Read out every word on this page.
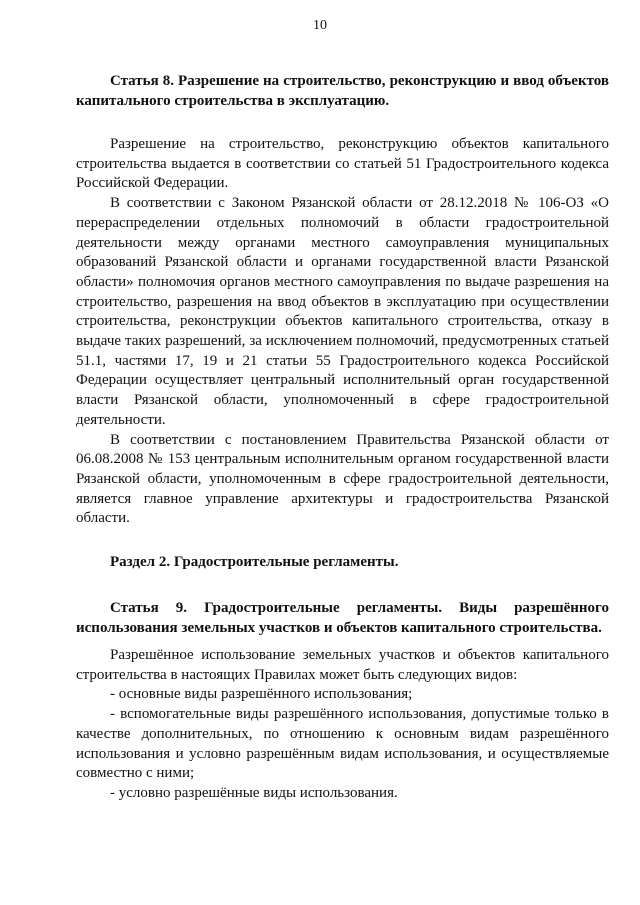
10

Статья 8. Разрешение на строительство, реконструкцию и ввод объектов капитального строительства в эксплуатацию.

Разрешение на строительство, реконструкцию объектов капитального строительства выдается в соответствии со статьей 51 Градостроительного кодекса Российской Федерации.

В соответствии с Законом Рязанской области от 28.12.2018 № 106-ОЗ «О перераспределении отдельных полномочий в области градостроительной деятельности между органами местного самоуправления муниципальных образований Рязанской области и органами государственной власти Рязанской области» полномочия органов местного самоуправления по выдаче разрешения на строительство, разрешения на ввод объектов в эксплуатацию при осуществлении строительства, реконструкции объектов капитального строительства, отказу в выдаче таких разрешений, за исключением полномочий, предусмотренных статьей 51.1, частями 17, 19 и 21 статьи 55 Градостроительного кодекса Российской Федерации осуществляет центральный исполнительный орган государственной власти Рязанской области, уполномоченный в сфере градостроительной деятельности.

В соответствии с постановлением Правительства Рязанской области от 06.08.2008 № 153 центральным исполнительным органом государственной власти Рязанской области, уполномоченным в сфере градостроительной деятельности, является главное управление архитектуры и градостроительства Рязанской области.

Раздел 2. Градостроительные регламенты.

Статья 9. Градостроительные регламенты. Виды разрешённого использования земельных участков и объектов капитального строительства.

Разрешённое использование земельных участков и объектов капитального строительства в настоящих Правилах может быть следующих видов:

- основные виды разрешённого использования;

- вспомогательные виды разрешённого использования, допустимые только в качестве дополнительных, по отношению к основным видам разрешённого использования и условно разрешённым видам использования, и осуществляемые совместно с ними;

- условно разрешённые виды использования.
